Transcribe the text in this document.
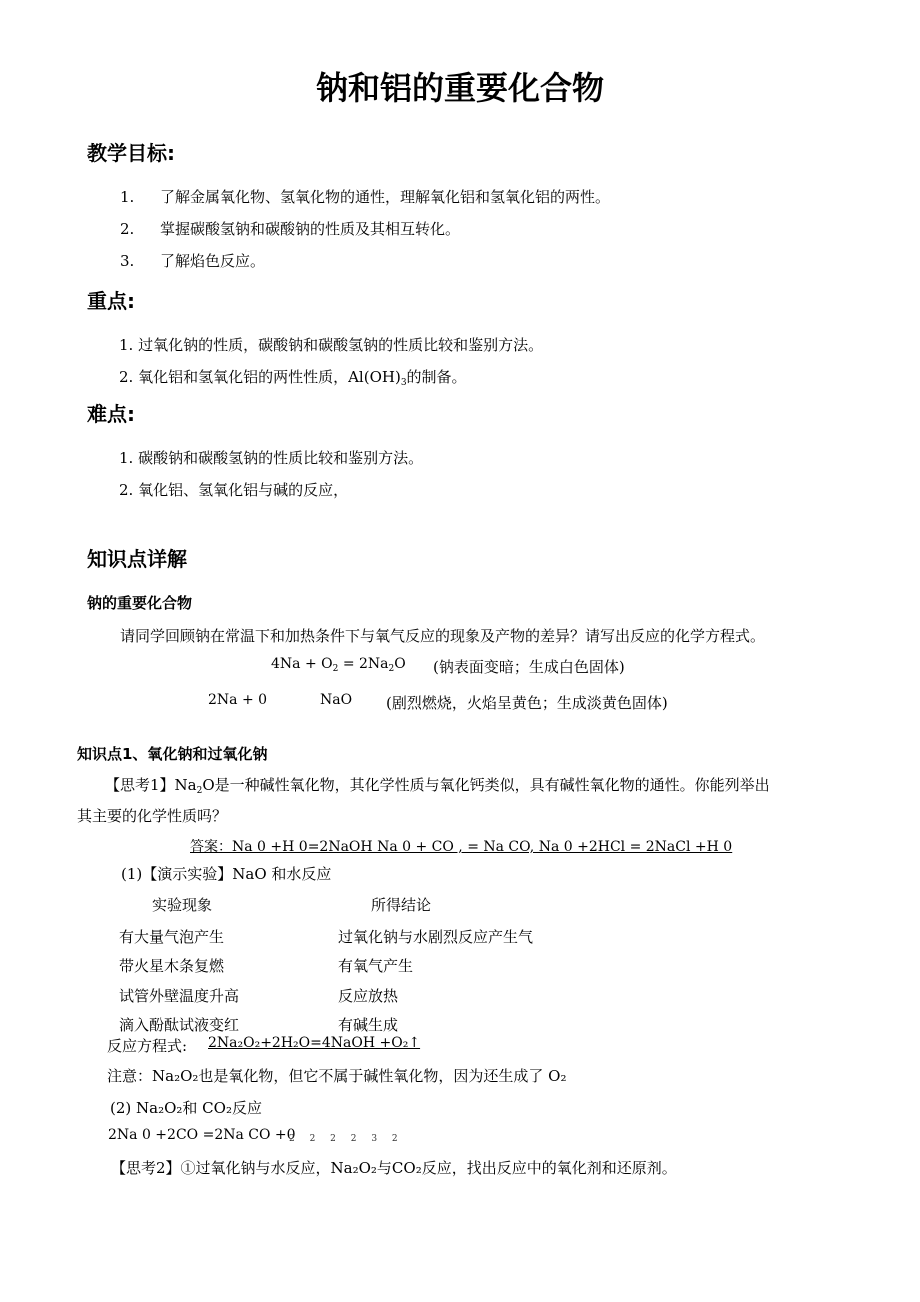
钠和铝的重要化合物
教学目标:
1. 了解金属氧化物、氢氧化物的通性，理解氧化铝和氢氧化铝的两性。
2. 掌握碳酸氢钠和碳酸钠的性质及其相互转化。
3. 了解焰色反应。
重点:
1. 过氧化钠的性质，碳酸钠和碳酸氢钠的性质比较和鉴别方法。
2. 氧化铝和氢氧化铝的两性性质，$Al(OH)_3$的制备。
难点:
1. 碳酸钠和碳酸氢钠的性质比较和鉴别方法。
2. 氧化铝、氢氧化铝与碱的反应，
知识点详解
钠的重要化合物
请同学回顾钠在常温下和加热条件下与氧气反应的现象及产物的差异？请写出反应的化学方程式。
$4Na + O_2 = 2Na_2O$ (钠表面变暗；生成白色固体)
2Na + 0	NaO (剧烈燃烧，火焰呈黄色；生成淡黄色固体)
知识点1、氧化钠和过氧化钠
【思考1】$Na_2O$是一种碱性氧化物，其化学性质与氧化钙类似，具有碱性氧化物的通性。你能列举出
其主要的化学性质吗？
答案：Na 0 +H 0=2NaOH Na 0 + CO , = Na CO, Na 0 +2HCl = 2NaCl +H 0
(1)【演示实验】NaO 和水反应
实验现象	所得结论
有大量气泡产生	过氧化钠与水剧烈反应产生气
带火星木条复燃	有氧气产生
试管外壁温度升高	反应放热
滴入酚酞试液变红	有碱生成
反应方程式: 2Na₂O₂+2H₂O=4NaOH +O₂↑
注意：Na₂O₂也是氧化物，但它不属于碱性氧化物，因为还生成了 O₂
(2) Na₂O₂和 CO₂反应
2Na 0 +2CO =2Na CO +0
2 2 2 2 3 2
【思考2】①过氧化钠与水反应，Na₂O₂与CO₂反应，找出反应中的氧化剂和还原剂。
